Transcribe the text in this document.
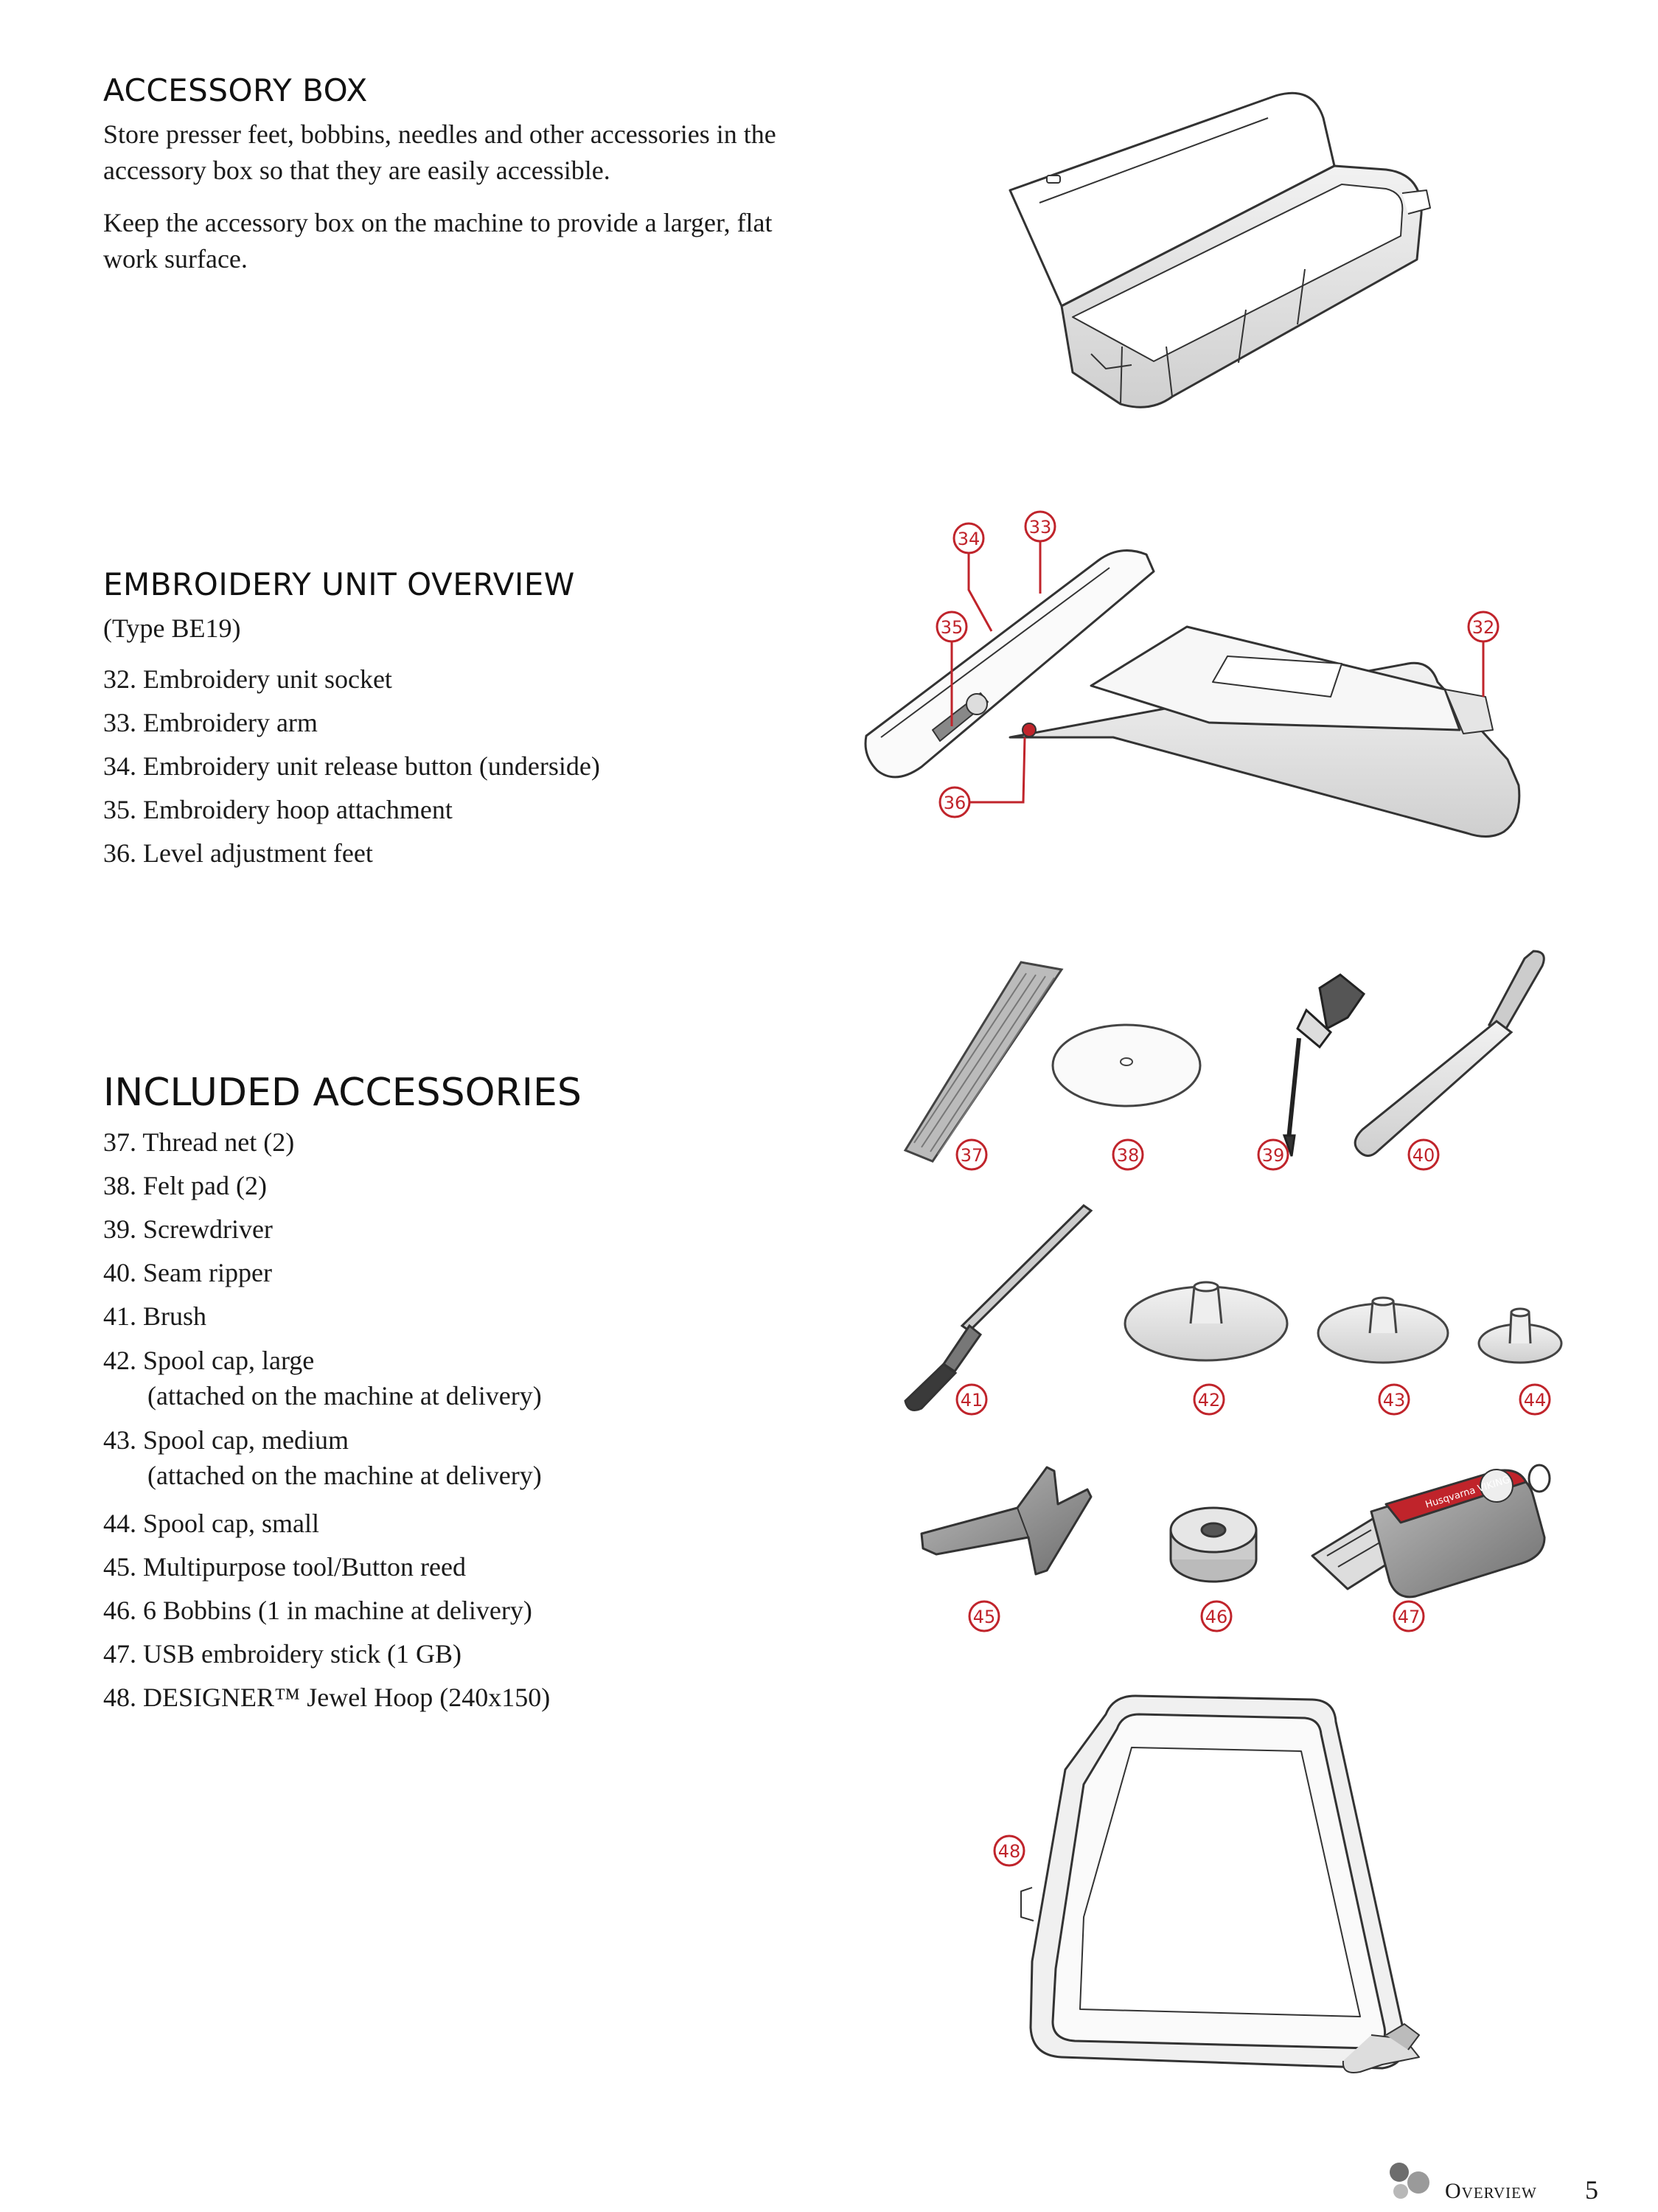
ACCESSORY BOX

Store presser feet, bobbins, needles and other accessories in the accessory box so that they are easily accessible.

Keep the accessory box on the machine to provide a larger, flat work surface.

EMBROIDERY UNIT OVERVIEW

(Type BE19)

32. Embroidery unit socket
33. Embroidery arm
34. Embroidery unit release button (underside)
35. Embroidery hoop attachment
36. Level adjustment feet
INCLUDED ACCESSORIES
37. Thread net (2)
38. Felt pad (2)
39. Screwdriver
40. Seam ripper
41. Brush
42. Spool cap, large
(attached on the machine at delivery)
43. Spool cap, medium
(attached on the machine at delivery)
44. Spool cap, small
45. Multipurpose tool/Button reed
46. 6 Bobbins (1 in machine at delivery)
47. USB embroidery stick (1 GB)
48. DESIGNER™ Jewel Hoop (240x150)
Husqvarna VIKING
33
34
35	32
36
37	38	39	40
41	42	43	44
45	46	47
48
Overview 5
